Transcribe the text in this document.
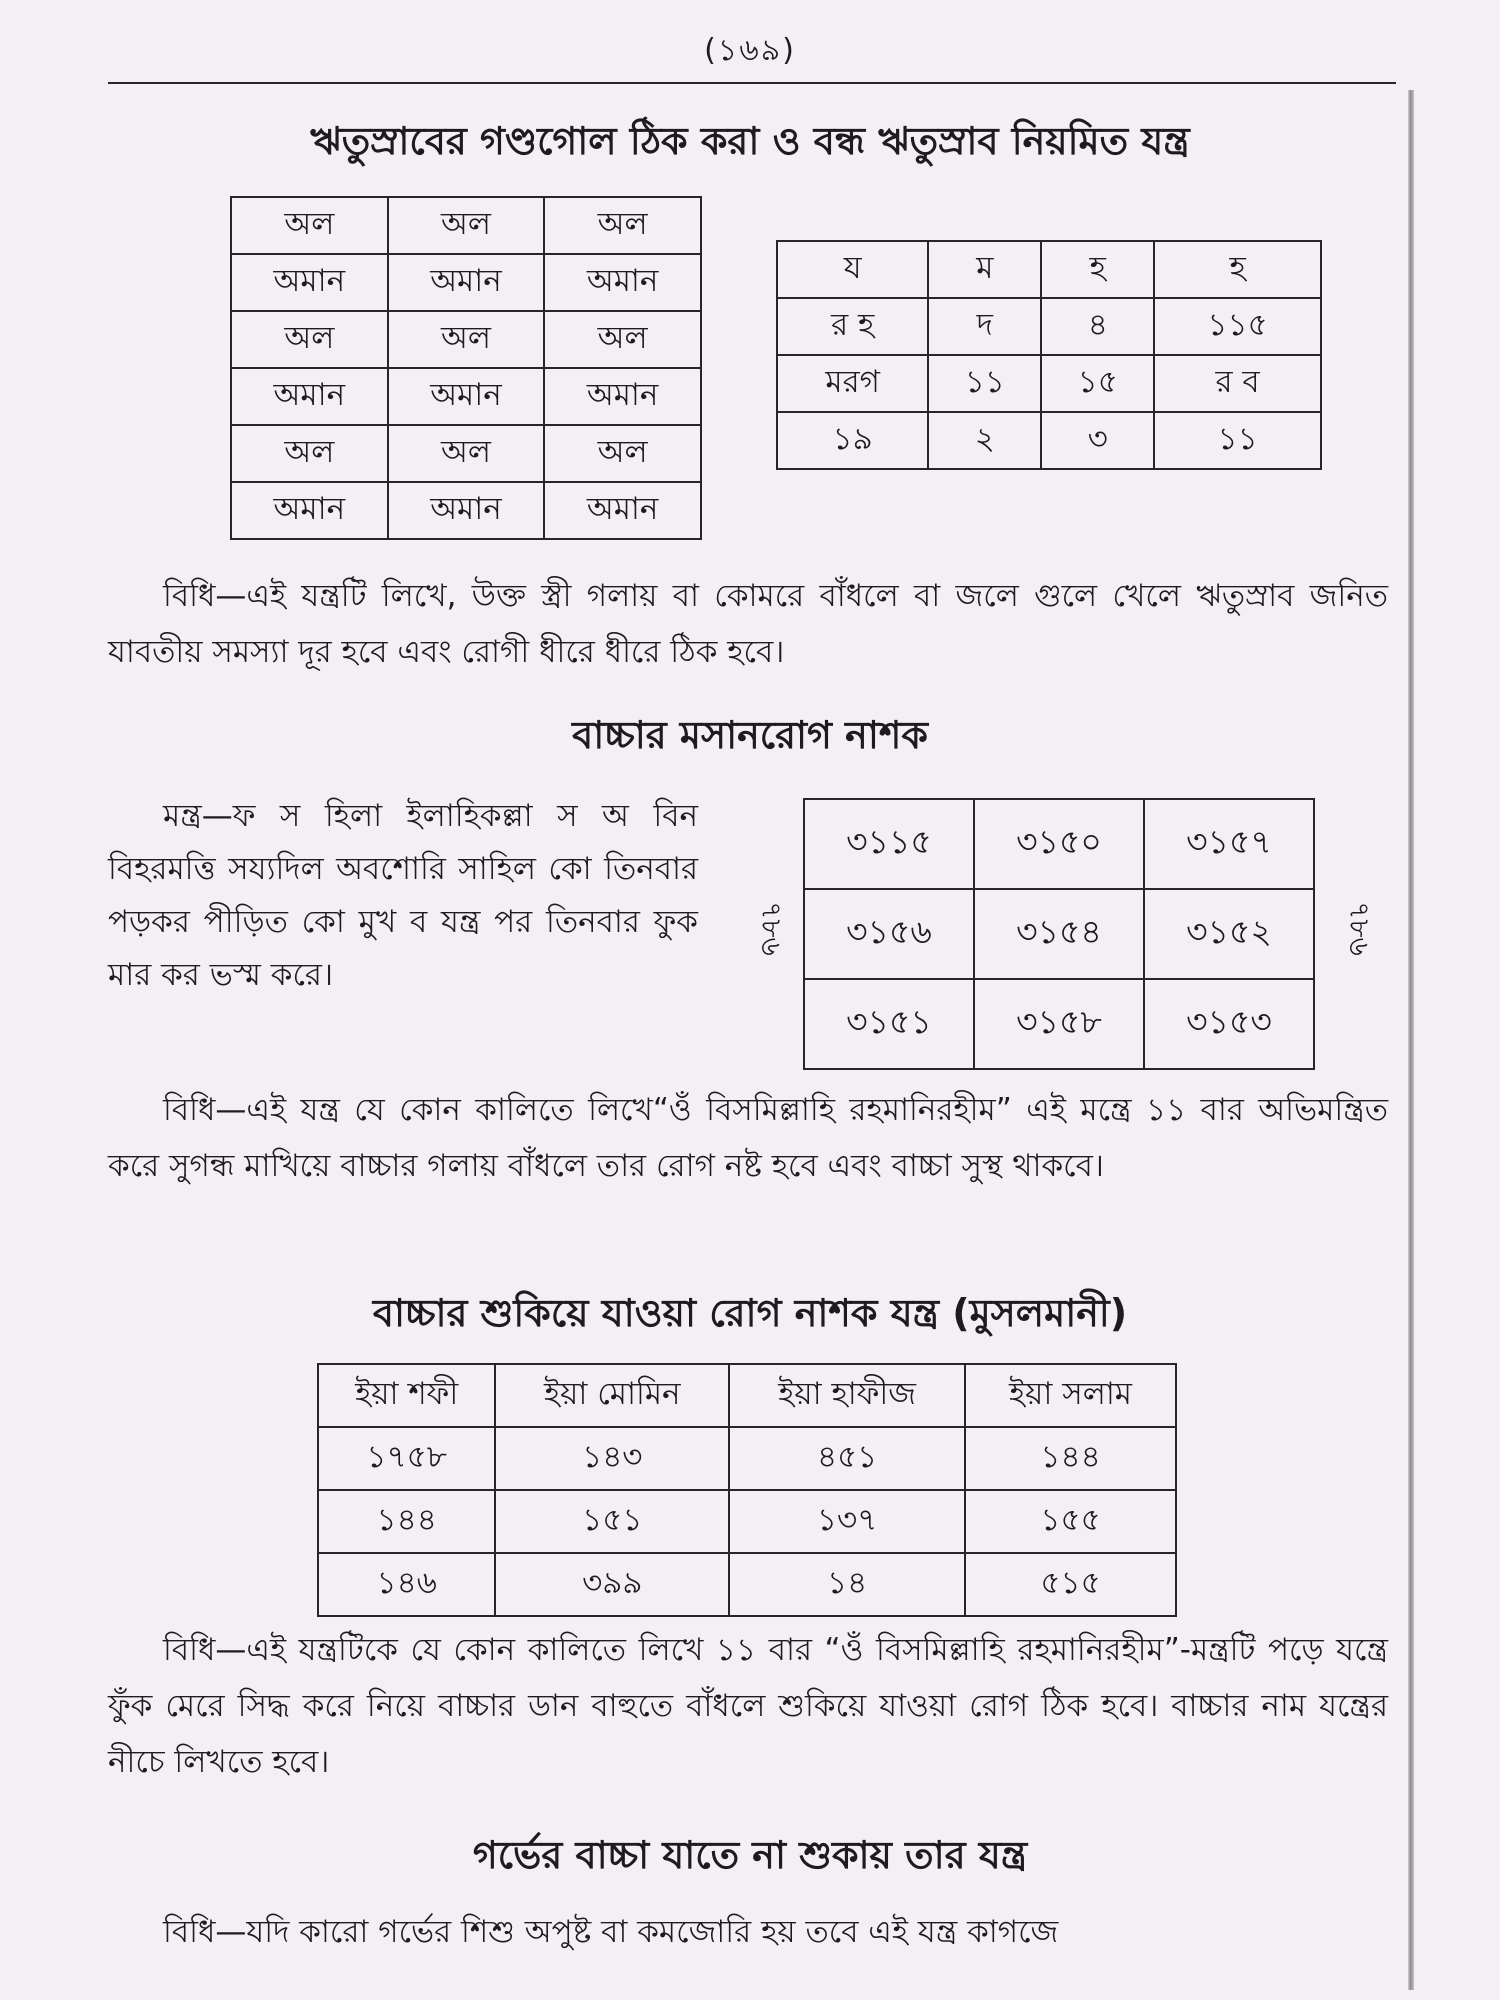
(১৬৯)
ঋতুস্রাবের গণ্ডগোল ঠিক করা ও বন্ধ ঋতুস্রাব নিয়মিত যন্ত্র
অল	অল	অল
অমান	অমান	অমান
অল	অল	অল
অমান	অমান	অমান
অল	অল	অল
অমান	অমান	অমান
য	ম	হ	হ
র হ	দ	৪	১১৫
মরগ	১১	১৫	র ব
১৯	২	৩	১১

বিধি—এই যন্ত্রটি লিখে, উক্ত স্ত্রী গলায় বা কোমরে বাঁধলে বা জলে গুলে খেলে ঋতুস্রাব জনিত যাবতীয় সমস্যা দূর হবে এবং রোগী ধীরে ধীরে ঠিক হবে।

বাচ্চার মসানরোগ নাশক

মন্ত্র—ফ স হিলা ইলাহিকল্লা স অ বিন বিহরমত্তি সয্যদিল অবশোরি সাহিল কো তিনবার পড়কর পীড়িত কো মুখ ব যন্ত্র পর তিনবার ফুক মার কর ভস্ম করে।

৭৮৬
৩১১৫	৩১৫০	৩১৫৭
৩১৫৬	৩১৫৪	৩১৫২
৩১৫১	৩১৫৮	৩১৫৩
৭৮৬

বিধি—এই যন্ত্র যে কোন কালিতে লিখে“ওঁ বিসমিল্লাহি রহমানিরহীম” এই মন্ত্রে ১১ বার অভিমন্ত্রিত করে সুগন্ধ মাখিয়ে বাচ্চার গলায় বাঁধলে তার রোগ নষ্ট হবে এবং বাচ্চা সুস্থ থাকবে।

বাচ্চার শুকিয়ে যাওয়া রোগ নাশক যন্ত্র (মুসলমানী)
ইয়া শফী	ইয়া মোমিন	ইয়া হাফীজ	ইয়া সলাম
১৭৫৮	১৪৩	৪৫১	১৪৪
১৪৪	১৫১	১৩৭	১৫৫
১৪৬	৩৯৯	১৪	৫১৫

বিধি—এই যন্ত্রটিকে যে কোন কালিতে লিখে ১১ বার “ওঁ বিসমিল্লাহি রহমানিরহীম”-মন্ত্রটি পড়ে যন্ত্রে ফুঁক মেরে সিদ্ধ করে নিয়ে বাচ্চার ডান বাহুতে বাঁধলে শুকিয়ে যাওয়া রোগ ঠিক হবে। বাচ্চার নাম যন্ত্রের নীচে লিখতে হবে।

গর্ভের বাচ্চা যাতে না শুকায় তার যন্ত্র

বিধি—যদি কারো গর্ভের শিশু অপুষ্ট বা কমজোরি হয় তবে এই যন্ত্র কাগজে
